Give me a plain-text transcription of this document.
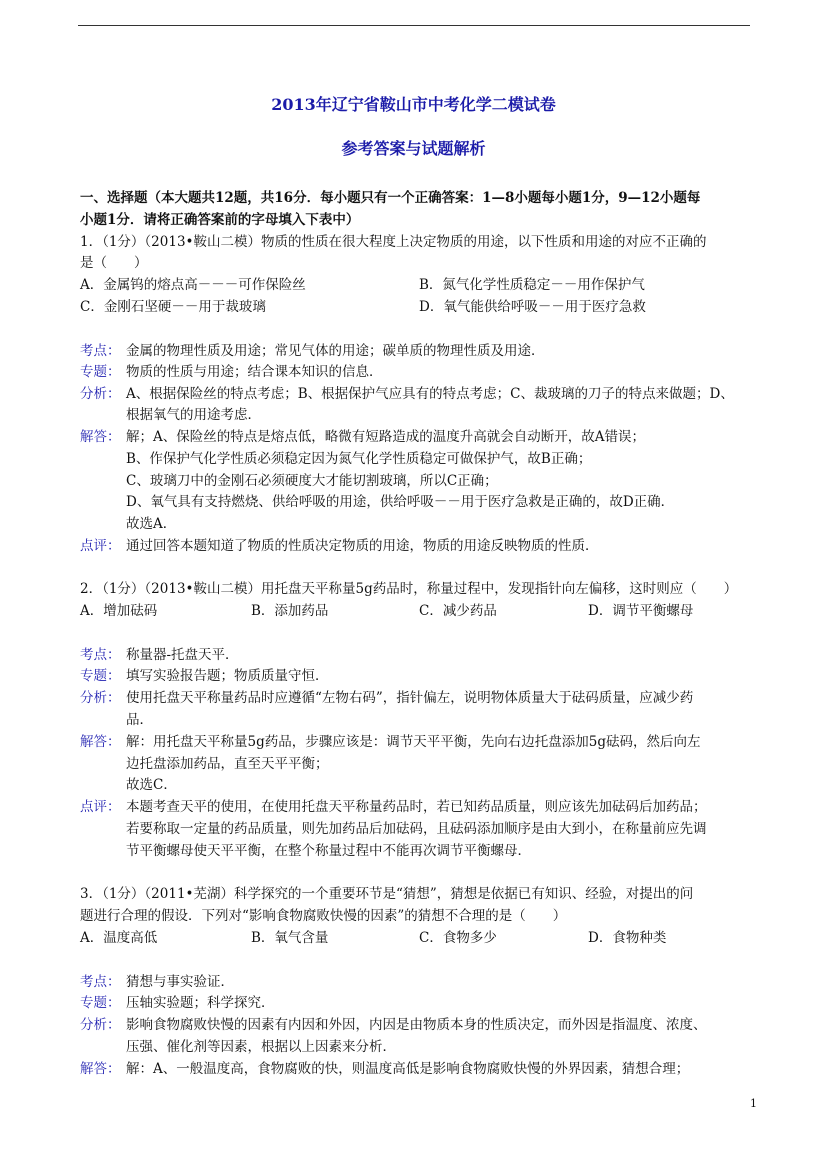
2013年辽宁省鞍山市中考化学二模试卷
参考答案与试题解析
一、选择题（本大题共12题，共16分．每小题只有一个正确答案：1—8小题每小题1分，9—12小题每
小题1分．请将正确答案前的字母填入下表中）
1．（1分）（2013•鞍山二模）物质的性质在很大程度上决定物质的用途，以下性质和用途的对应不正确的
是（　　）
A．金属钨的熔点高－－－可作保险丝	B．氮气化学性质稳定－－用作保护气
C．金刚石坚硬－－用于裁玻璃	D．氧气能供给呼吸－－用于医疗急救
考点： 金属的物理性质及用途；常见气体的用途；碳单质的物理性质及用途．
专题： 物质的性质与用途；结合课本知识的信息．
分析： A、根据保险丝的特点考虑；B、根据保护气应具有的特点考虑；C、裁玻璃的刀子的特点来做题；D、
根据氧气的用途考虑．
解答： 解；A、保险丝的特点是熔点低，略微有短路造成的温度升高就会自动断开，故A错误；
B、作保护气化学性质必须稳定因为氮气化学性质稳定可做保护气，故B正确；
C、玻璃刀中的金刚石必须硬度大才能切割玻璃，所以C正确；
D、氧气具有支持燃烧、供给呼吸的用途，供给呼吸－－用于医疗急救是正确的，故D正确．
故选A．
点评： 通过回答本题知道了物质的性质决定物质的用途，物质的用途反映物质的性质．
2．（1分）（2013•鞍山二模）用托盘天平称量5g药品时，称量过程中，发现指针向左偏移，这时则应（　　）
A．增加砝码	B．添加药品	C．减少药品	D．调节平衡螺母
考点： 称量器-托盘天平．
专题： 填写实验报告题；物质质量守恒．
分析： 使用托盘天平称量药品时应遵循“左物右码”，指针偏左，说明物体质量大于砝码质量，应减少药
品．
解答： 解：用托盘天平称量5g药品，步骤应该是：调节天平平衡，先向右边托盘添加5g砝码，然后向左
边托盘添加药品，直至天平平衡；
故选C．
点评： 本题考查天平的使用，在使用托盘天平称量药品时，若已知药品质量，则应该先加砝码后加药品；
若要称取一定量的药品质量，则先加药品后加砝码，且砝码添加顺序是由大到小，在称量前应先调
节平衡螺母使天平平衡，在整个称量过程中不能再次调节平衡螺母．
3．（1分）（2011•芜湖）科学探究的一个重要环节是“猜想”，猜想是依据已有知识、经验，对提出的问
题进行合理的假设．下列对“影响食物腐败快慢的因素”的猜想不合理的是（　　）
A．温度高低	B．氧气含量	C．食物多少	D．食物种类
考点： 猜想与事实验证．
专题： 压轴实验题；科学探究．
分析： 影响食物腐败快慢的因素有内因和外因，内因是由物质本身的性质决定，而外因是指温度、浓度、
压强、催化剂等因素，根据以上因素来分析．
解答： 解：A、一般温度高，食物腐败的快，则温度高低是影响食物腐败快慢的外界因素，猜想合理；
1
